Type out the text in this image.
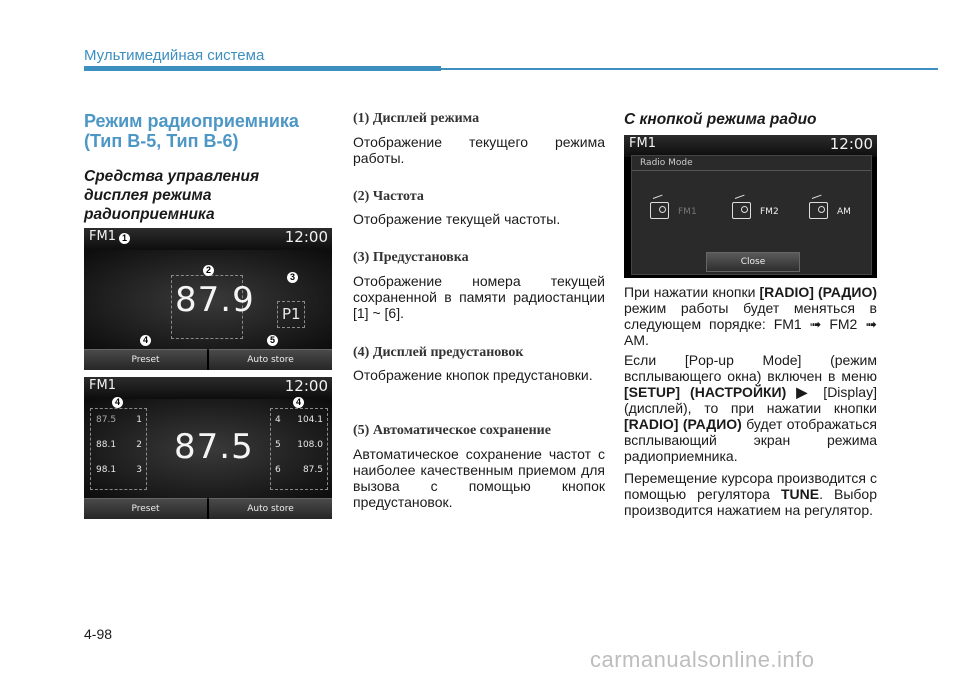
Мультимедийная система
Режим радиоприемника (Тип B-5, Тип B-6)
Средства управления дисплея режима радиоприемника
FM1	12:00
87.9 P1
Preset	Auto store
1
2
3
4	5
FM1	12:00
87.5
87.5 1
88.1 2
98.1 3
4 104.1
5 108.0
6 87.5
Preset	Auto store
4	4
(1) Дисплей режима
Отображение текущего режима работы.
(2) Частота
Отображение текущей частоты.
(3) Предустановка
Отображение номера текущей сохраненной в памяти радиостанции [1] ~ [6].
(4) Дисплей предустановок
Отображение кнопок предустановки.
(5) Автоматическое сохранение
Автоматическое сохранение частот с наиболее качественным приемом для вызова с помощью кнопок предустановок.
С кнопкой режима радио
FM1	12:00
Radio Mode
FM1	FM2	AM
Close
При нажатии кнопки [RADIO] (РАДИО) режим работы будет меняться в следующем порядке: FM1 ➟ FM2 ➟ AM.
Если [Pop-up Mode] (режим всплывающего окна) включен в меню [SETUP] (НАСТРОЙКИ) ▶ [Display] (дисплей), то при нажатии кнопки [RADIO] (РАДИО) будет отображаться всплывающий экран режима радиоприемника.
Перемещение курсора производится с помощью регулятора TUNE. Выбор производится нажатием на регулятор.
4-98
carmanualsonline.info
